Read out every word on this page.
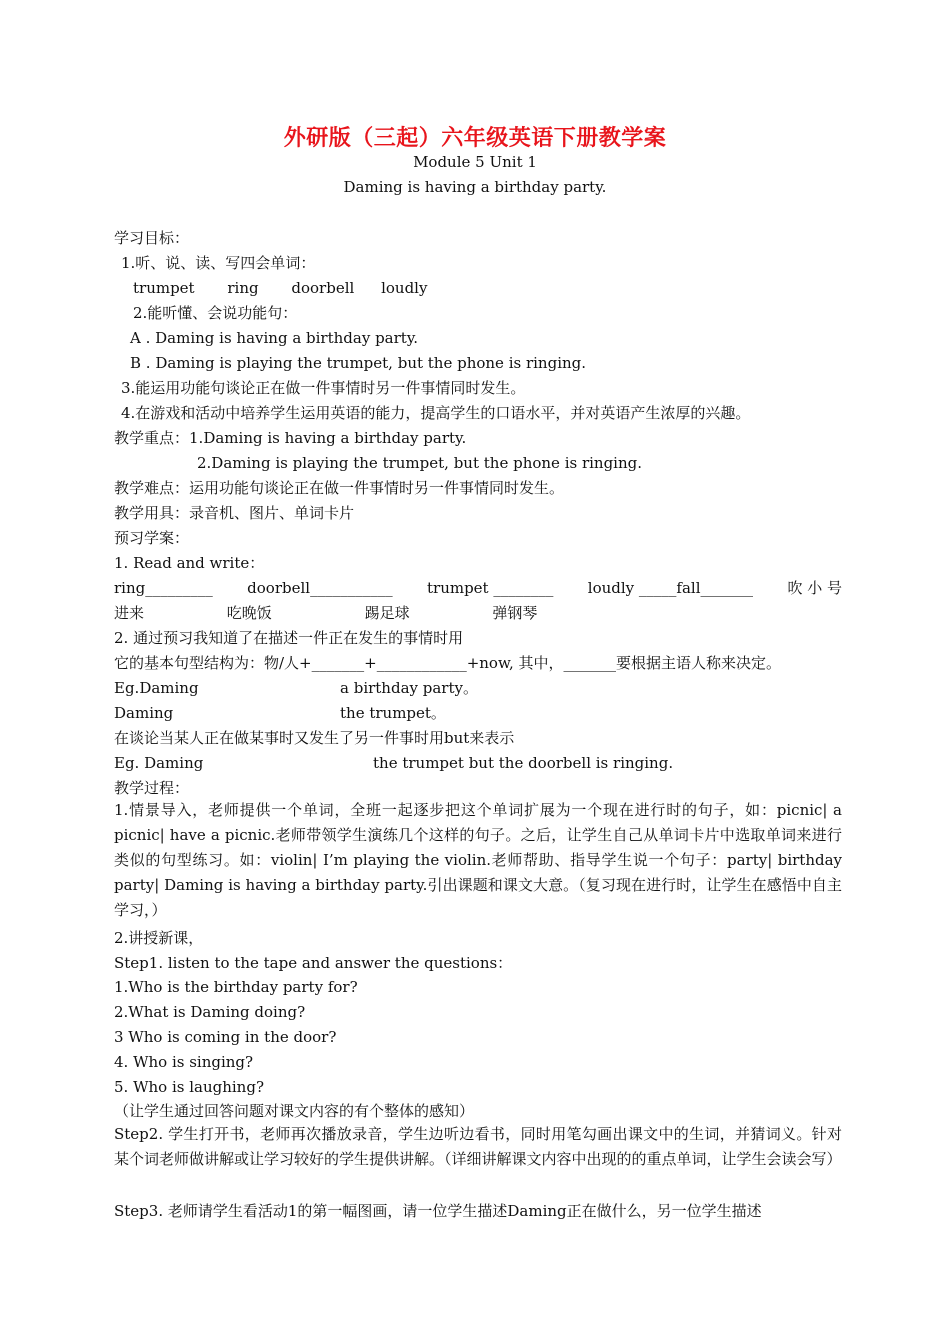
外研版（三起）六年级英语下册教学案
Module 5 Unit 1
Daming is having a birthday party.
学习目标：
1.听、说、读、写四会单词：
trumpet ring doorbell loudly
2.能听懂、会说功能句：
A . Daming is having a birthday party.
B . Daming is playing the trumpet, but the phone is ringing.
3.能运用功能句谈论正在做一件事情时另一件事情同时发生。
4.在游戏和活动中培养学生运用英语的能力，提高学生的口语水平，并对英语产生浓厚的兴趣。
教学重点：1.Daming is having a birthday party.
2.Daming is playing the trumpet, but the phone is ringing.
教学难点：运用功能句谈论正在做一件事情时另一件事情同时发生。
教学用具：录音机、图片、单词卡片
预习学案：
1. Read and write：
ring_________ doorbell___________ trumpet ________ loudly _____fall_______ 吹 小 号
进来	吃晚饭	踢足球	弹钢琴
2. 通过预习我知道了在描述一件正在发生的事情时用
它的基本句型结构为：物/人+_______+____________+now, 其中，_______要根据主语人称来决定。
Eg.Daming	a birthday party。
Daming	the trumpet。
在谈论当某人正在做某事时又发生了另一件事时用but来表示
Eg. Daming	the trumpet but the doorbell is ringing.
教学过程：
1.情景导入，老师提供一个单词，全班一起逐步把这个单词扩展为一个现在进行时的句子，如：picnic| a picnic| have a picnic.老师带领学生演练几个这样的句子。之后，让学生自己从单词卡片中选取单词来进行类似的句型练习。如：violin| I’m playing the violin.老师帮助、指导学生说一个句子：party| birthday party| Daming is having a birthday party.引出课题和课文大意。（复习现在进行时，让学生在感悟中自主学习，）
2.讲授新课，
Step1. listen to the tape and answer the questions：
1.Who is the birthday party for?
2.What is Daming doing?
3 Who is coming in the door?
4. Who is singing?
5. Who is laughing?
（让学生通过回答问题对课文内容的有个整体的感知）
Step2. 学生打开书，老师再次播放录音，学生边听边看书，同时用笔勾画出课文中的生词，并猜词义。针对某个词老师做讲解或让学习较好的学生提供讲解。（详细讲解课文内容中出现的的重点单词，让学生会读会写）
Step3. 老师请学生看活动1的第一幅图画，请一位学生描述Daming正在做什么，另一位学生描述
